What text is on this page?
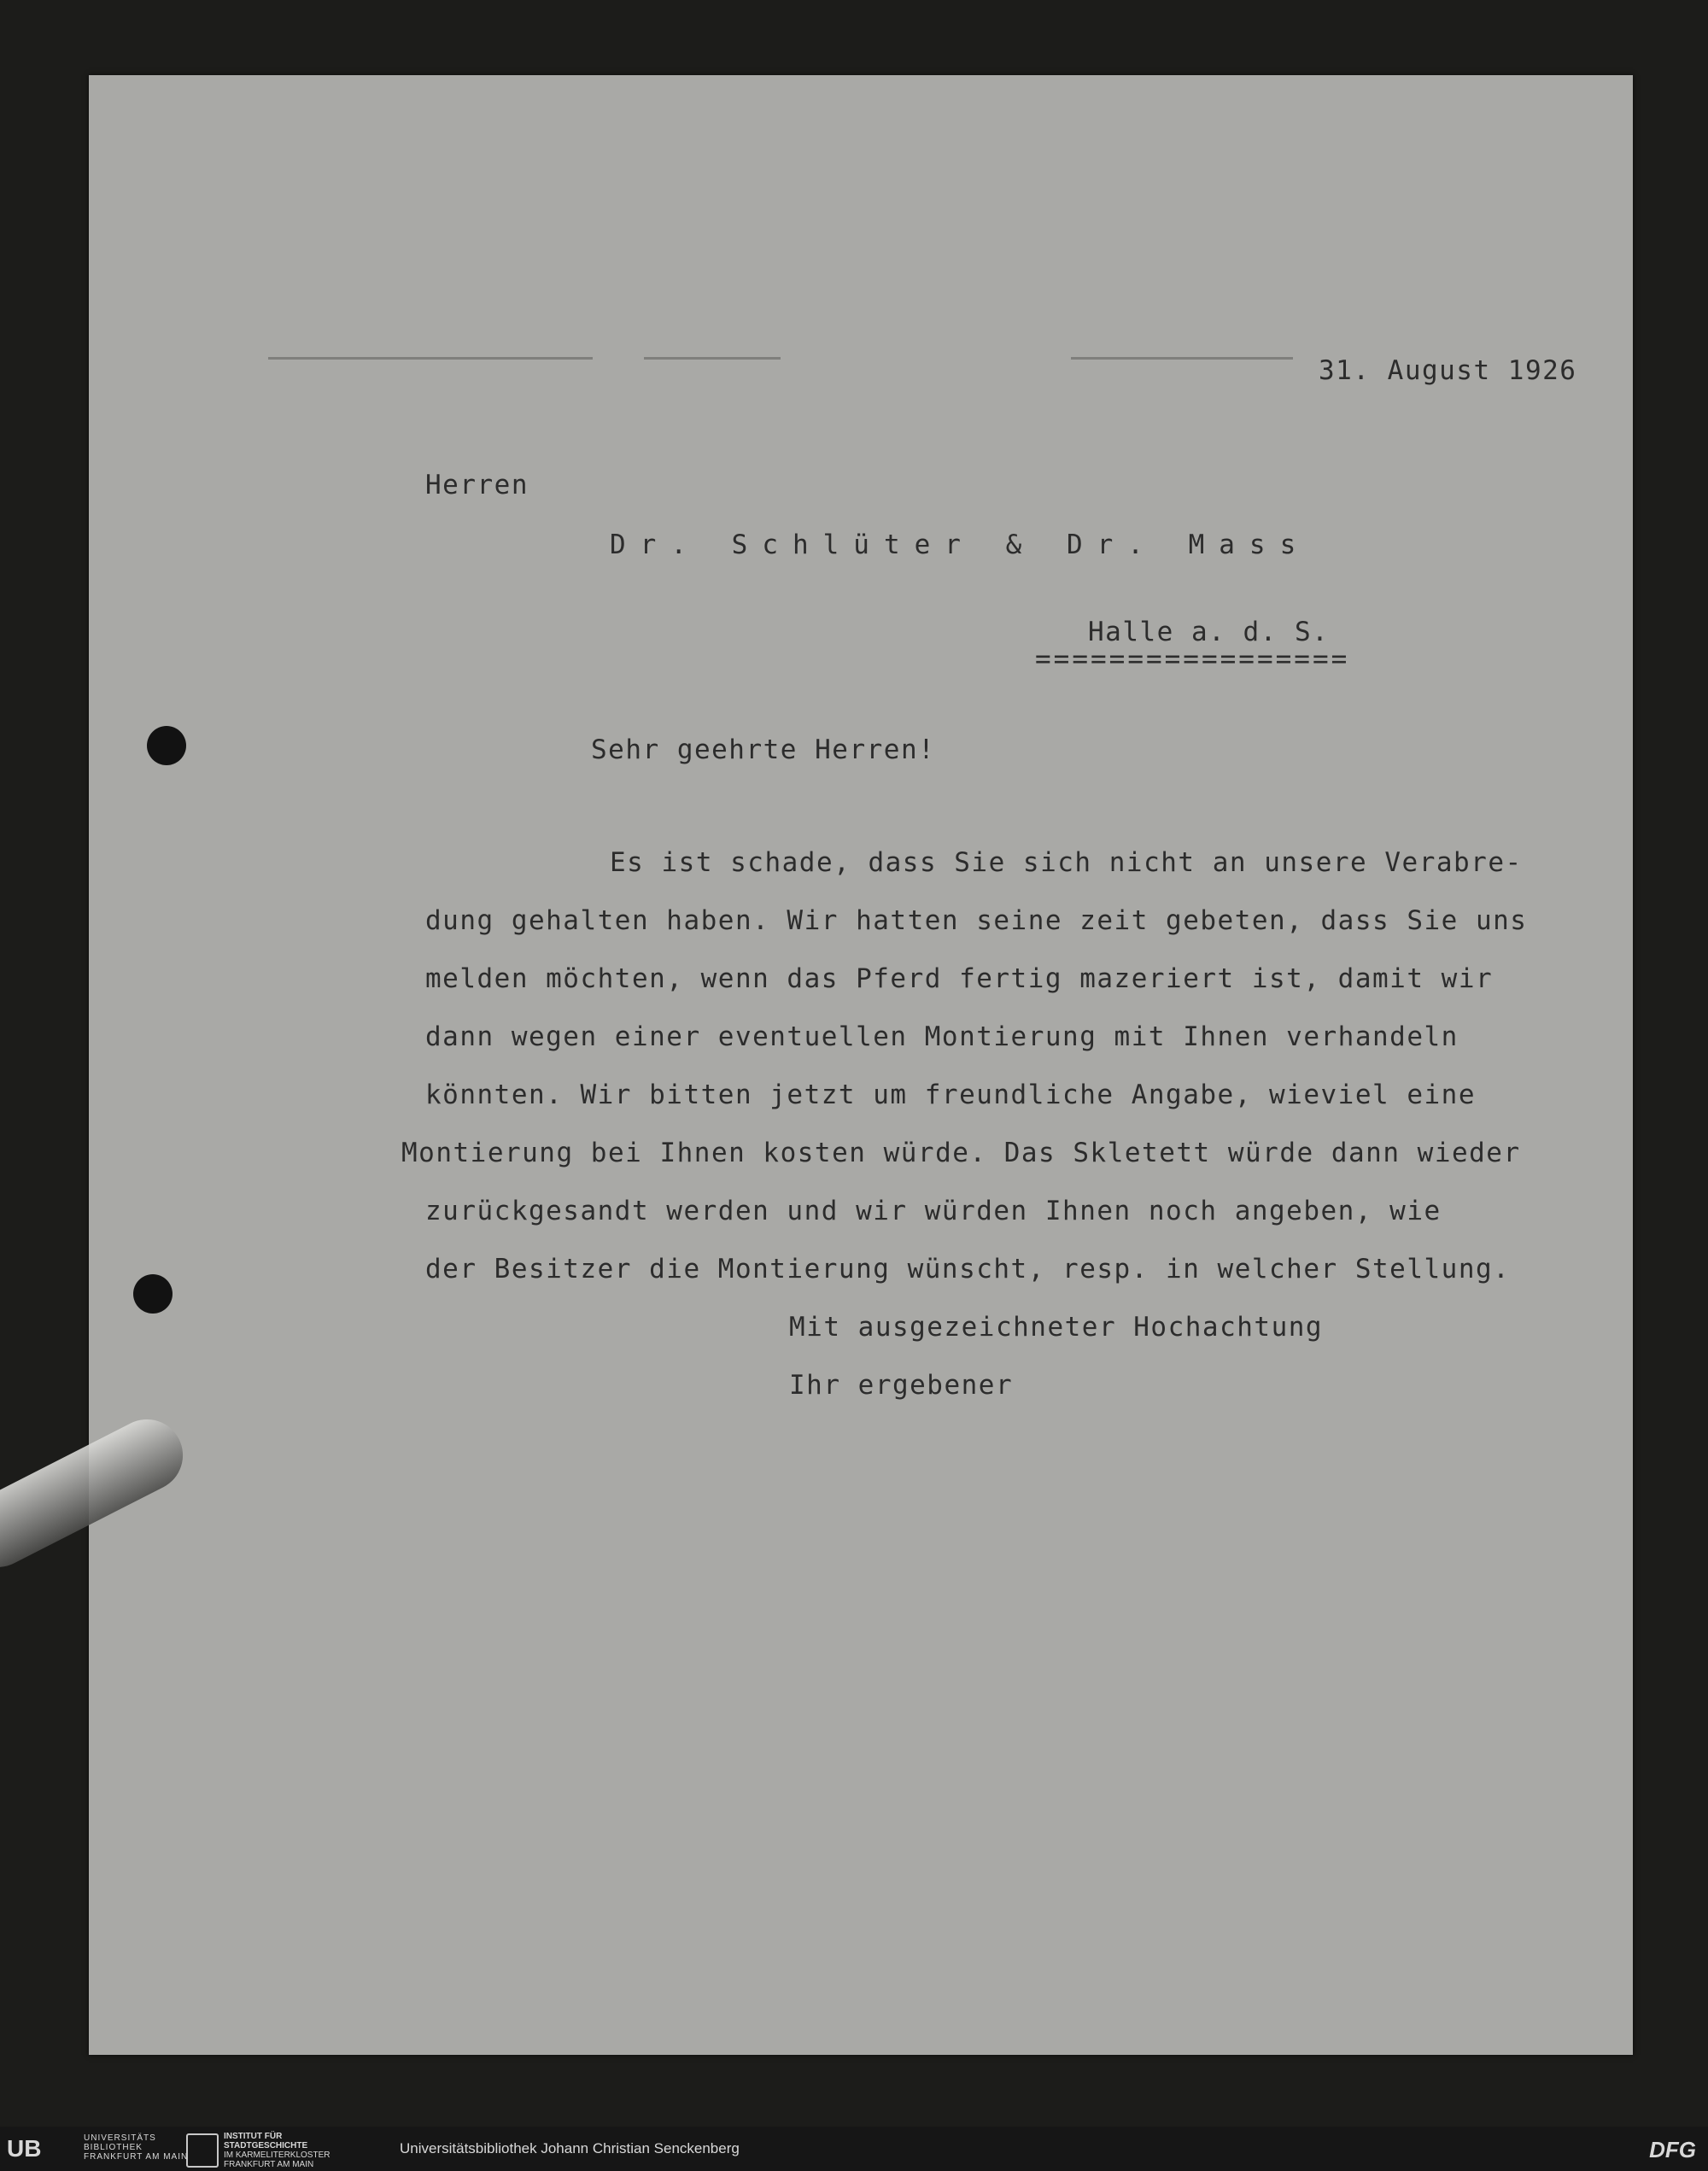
31. August 1926
Herren
Dr. Schlüter & Dr. Mass
Halle a. d. S.
=================
Sehr geehrte Herren!
Es ist schade, dass Sie sich nicht an unsere Verabre-
dung gehalten haben. Wir hatten seine zeit gebeten, dass Sie uns
melden möchten, wenn das Pferd fertig mazeriert ist, damit wir
dann wegen einer eventuellen Montierung mit Ihnen verhandeln
könnten. Wir bitten jetzt um freundliche Angabe, wieviel eine
Montierung bei Ihnen kosten würde. Das Skletett würde dann wieder
zurückgesandt werden und wir würden Ihnen noch angeben, wie
der Besitzer die Montierung wünscht, resp. in welcher Stellung.
Mit ausgezeichneter Hochachtung
Ihr ergebener
UB	UNIVERSITÄTS
BIBLIOTHEK
FRANKFURT AM MAIN
INSTITUT FÜR
STADTGESCHICHTE
IM KARMELITERKLOSTER
FRANKFURT AM MAIN
Universitätsbibliothek Johann Christian Senckenberg	DFG
